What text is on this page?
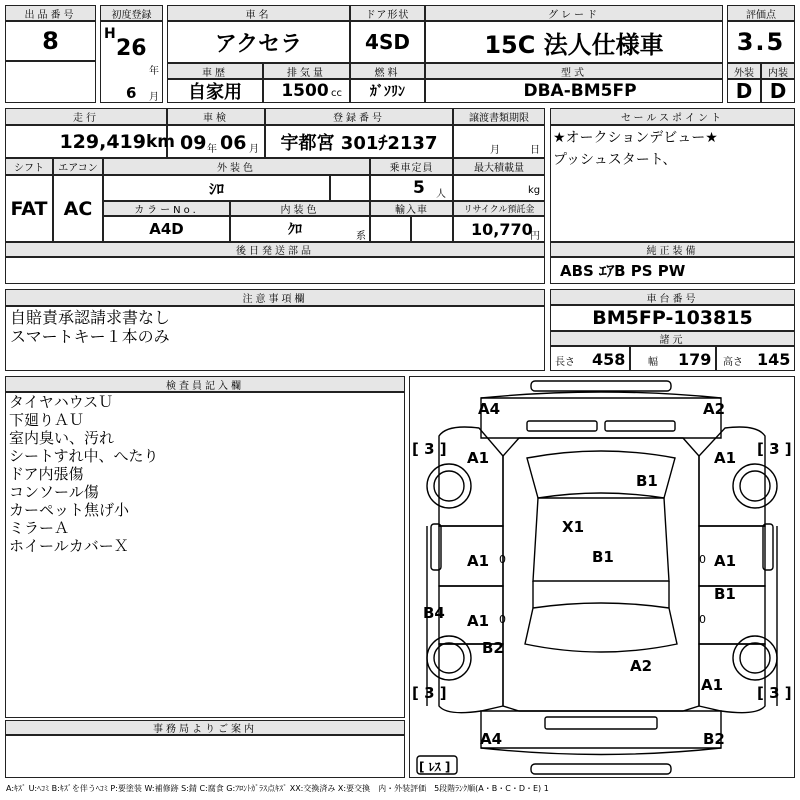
出品番号
8
初度登録
H
26
年
6 月
車名
アクセラ
ドア形状
4SD
グレード
15C 法人仕様車
評価点
3.5
車歴
自家用
排気量
1500 cc
燃料
ｶﾞｿﾘﾝ
型式
DBA-BM5FP
外装	内装
D D
走行
129,419 km
車検
09 年 06 月
登録番号
宇都宮 301ﾁ2137
譲渡書類期限
月	日
セールスポイント
★オークションデビュー★
プッシュスタート、
シフト
FAT
エアコン
AC
外装色
ｼﾛ
乗車定員
5 人
最大積載量
kg
カラーNo.
A4D
内装色
ｸﾛ	系
輸入車	リサイクル預託金
10,770
円
後日発送部品	純正装備
ABS ｴｱB PS PW
注意事項欄
自賠責承認請求書なし
スマートキー１本のみ
車台番号
BM5FP-103815
諸元
長さ 458 幅 179 高さ 145
検査員記入欄
タイヤハウスＵ
下廻りＡＵ
室内臭い、汚れ
シートすれ中、へたり
ドア内張傷
コンソール傷
カーペット焦げ小
ミラーＡ
ホイールカバーＸ
事務局よりご案内
A4	A2
[ 3 ]	[ 3 ]
A1	A1
B1
X1
B1
A1 0	0 A1
B1
B4 A1 0	0
B2
A2
A1
[ 3 ]	[ 3 ]
A4	B2
[ ﾚｽ ]
A:ｷｽﾞ U:ﾍｺﾐ B:ｷｽﾞを伴うﾍｺﾐ P:要塗装 W:補修跡 S:錆 C:腐食 G:ﾌﾛﾝﾄｶﾞﾗｽ点ｷｽﾞ XX:交換済み X:要交換　内・外装評価　5段階ﾗﾝｸ順(A・B・C・D・E) 1
